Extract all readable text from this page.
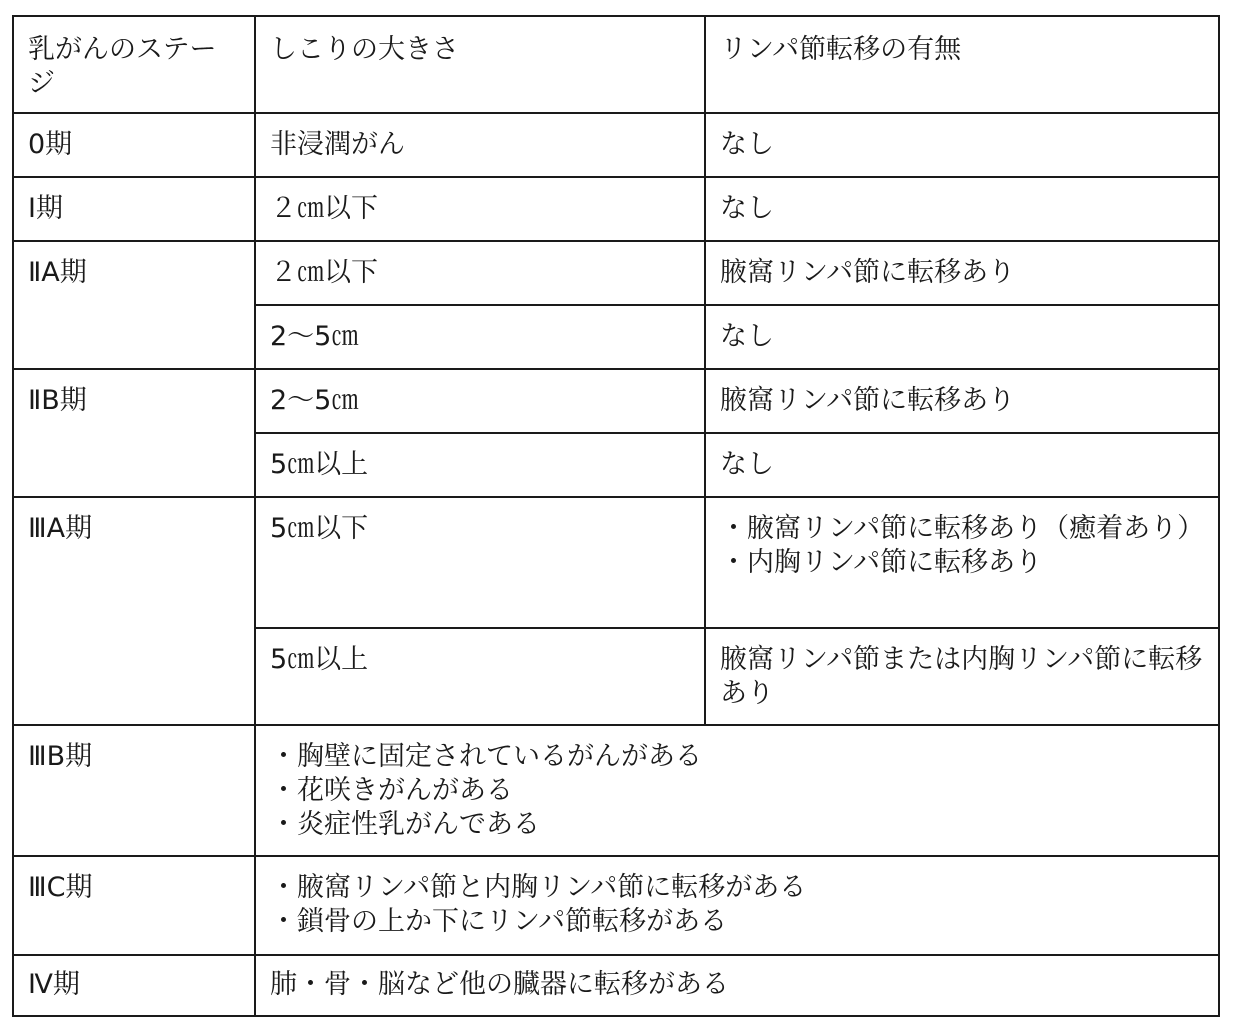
乳がんのステージ	しこりの大きさ	リンパ節転移の有無
0期	非浸潤がん	なし
Ⅰ期	２㎝以下	なし
ⅡA期	２㎝以下	腋窩リンパ節に転移あり
	2～5㎝	なし
ⅡB期	2～5㎝	腋窩リンパ節に転移あり
	5㎝以上	なし
ⅢA期	5㎝以下	・腋窩リンパ節に転移あり（癒着あり）
・内胸リンパ節に転移あり

	5㎝以上	腋窩リンパ節または内胸リンパ節に転移あり
ⅢB期	・胸壁に固定されているがんがある
・花咲きがんがある
・炎症性乳がんである	

ⅢC期	・腋窩リンパ節と内胸リンパ節に転移がある
・鎖骨の上か下にリンパ節転移がある	

Ⅳ期	肺・骨・脳など他の臓器に転移がある	
